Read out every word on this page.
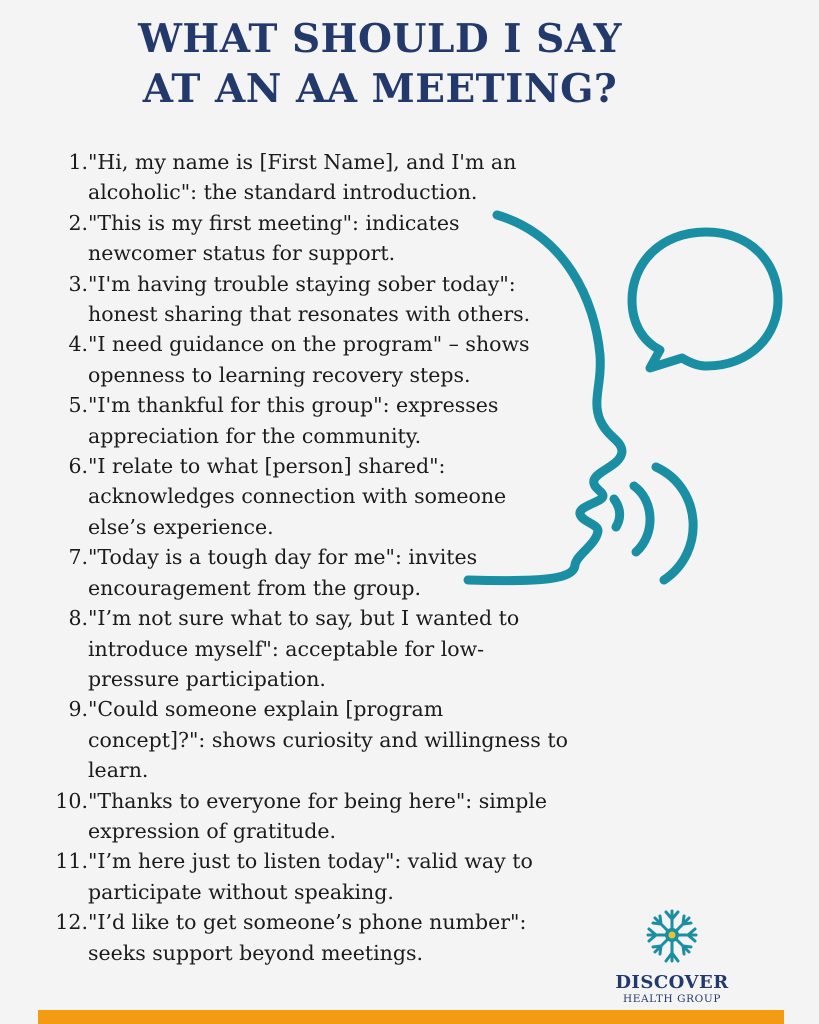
WHAT SHOULD I SAY
AT AN AA MEETING?
1. "Hi, my name is [First Name], and I'm an
alcoholic": the standard introduction.
2. "This is my first meeting": indicates
newcomer status for support.
3. "I'm having trouble staying sober today":
honest sharing that resonates with others.
4. "I need guidance on the program" – shows
openness to learning recovery steps.
5. "I'm thankful for this group": expresses
appreciation for the community.
6. "I relate to what [person] shared":
acknowledges connection with someone
else’s experience.
7. "Today is a tough day for me": invites
encouragement from the group.
8. "I’m not sure what to say, but I wanted to
introduce myself": acceptable for low-
pressure participation.
9. "Could someone explain [program
concept]?": shows curiosity and willingness to
learn.
10. "Thanks to everyone for being here": simple
expression of gratitude.
11. "I’m here just to listen today": valid way to
participate without speaking.
12. "I’d like to get someone’s phone number":
seeks support beyond meetings.
DISCOVER
HEALTH GROUP
